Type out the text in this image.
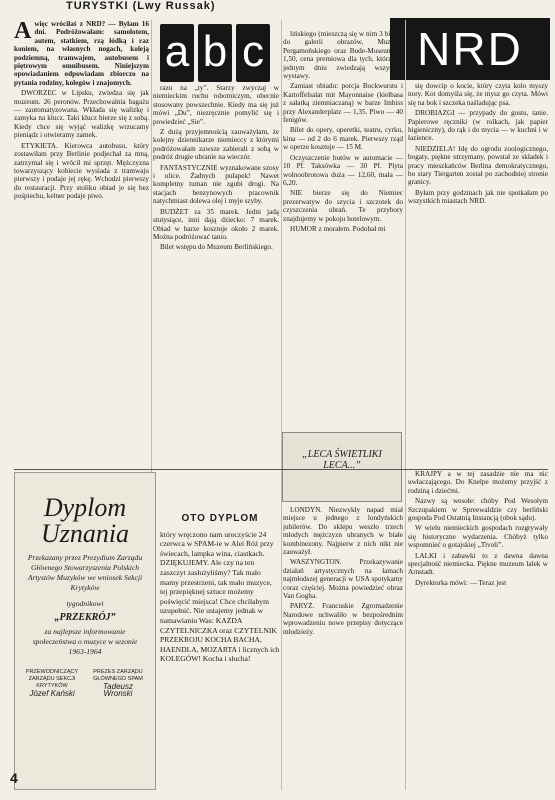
TURYSTKI (Lwy Russak)
a b c	NRD
A więc wróciłaś z NRD? — Byłam 16 dni. Podróżowałam: samolotem, autem, statkiem, rzą łódką i raz koniem, na własnych nogach, koleją podziemną, tramwajem, autobusem i piętrowym omnibusem. Niniejszym opowiadaniem odpowiadam zbiorczo na pytania rodziny, kolegów i znajomych.

DWORZEC w Lipsku, zwiedza się jak muzeum. 26 peronów. Przechowalnia bagażu — zautomatyzowana. Wkłada się walizkę i zamyka na klucz. Taki klucz bierze się z sobą. Kiedy chce się wyjąć walizkę wrzucamy pieniądz i otwieramy zamek.

ETYKIETA. Kierowca autobusu, który zostawiłam przy Berlinie podjechał za mną, zatrzymał się i wrócił mi sprzęt. Mężczyzna towarzyszący kobiecie wysiada z tramwaju pierwszy i podaje jej rękę. Wchodzi pierwszy do restauracji. Przy stoliku obiad je się bez pośpiechu, kelner podaje piwo.

razu na „ty”. Starzy zwyczaj w niemieckim ruchu robotniczym, obecnie stosowany powszechnie. Kiedy ma się już mówi „Du”, niezręcznie pomylić się i powiedzieć „Sie”.

Z dużą przyjemnością zauważyłam, że kolejny dziennikarze niemieccy z którymi podróżowałam zawsze zabierali z sobą w podróż drugie ubranie na wieczór.

FANTASTYCZNIE wyznakowane szosy i ulice. Żadnych pułapek! Nawet kompletny tuman nie zgubi drogi. Na stacjach benzynowych pracownik natychmiast dolewa olej i myje szyby.

BUDŻET za 35 marek. Jedni jadą stutysiące, inni dają dziecko: 7 marek. Obiad w barze kosztuje około 2 marek. Można podróżować tanio.

Bilet wstępu do Muzeum Berlińskiego.

lińskiego (mieszczą się w nim 3 bilety: do galerii obrazów, Muzeum Pergamońskiego oraz Bode-Museum — 1,50, cena premiowa dla tych, którzy w jednym dniu zwiedzają wszystkie wystawy.

Zamiast obiadu: porcja Bockwurstu i Kartoffelsalat mit Mayonnaise (kiełbasa z sałatką ziemniaczaną) w barze Imbiss przy Alexanderplatz — 1,35. Piwo — 40 fenigów.

Bilet do opery, operetki, teatru, cyrku, kina — od 2 do 6 marek. Pierwszy rząd w operze kosztuje — 15 M.

Oczyszczenie butów w automacie — 10 Pf. Taksówka — 30 Pf. Plyta wolnoobrotowa duża — 12,60, mała — 6,20.

NIE bierze się do Niemiec prezerwatyw do szycia i szczotek do czyszczenia ubrań. Te przybory znajdujemy w pokoju hotelowym.

HUMOR z morałem. Podobał mi

się dowcip o kocie, który czyta kolo myszy nory. Kot domyśla się, że mysz go czyta. Mówi się na bok i szczeka naśladując psa.

DROBIAZGI — przypady do gustu, tanie. Papierowe ręczniki (w rolkach, jak papier higieniczny), do rąk i do mycia — w kuchni i w łazience.

NIEDZIELA! Idę do ogrodu zoologicznego, bogaty, piękne utrzymany, powstał ze składek i pracy mieszkańców Berlina demokratycznego, bo stary Tiergarten został po zachodniej stronie granicy.

Byłam przy godzinach jak nie spotkałam po wszystkich miastach NRD.

„LECA ŚWIETLIKI LECA...”
Dyplom
Uznania
Przekazany przez Prezydium Zarządu Głównego Stowarzyszenia Polskich Artystów Muzyków we wniosek Sekcji Krytyków
tygodnikowi
„PRZEKRÓJ”
za najlepsze informowanie społeczeństwa o muzyce w sezonie 1963-1964
PRZEWODNICZĄCY ZARZĄDU SEKCJI KRYTYKÓW
Józef Kański
PREZES ZARZĄDU GŁÓWNEGO SPAM
Tadeusz Wronski
OTO DYPLOM
który wręczono nam uroczyście 24 czerwca w SPAM-ie w Alei Róż przy świecach, lampka wina, ciastkach. DZIĘKUJEMY. Ale czy na ten zaszczyt zasłużyliśmy? Tak mało mamy przestrzeni, tak mało muzyce, tej przepięknej sztuce możemy poświęcić miejsca! Chce chciłabym uzupełnić. Nie ustajemy jednak w namawianiu Was: KAŻDA CZYTELNICZKA oraz CZYTELNIK PRZEKROJU KOCHA BACHA, HAENDLA, MOZARTA i licznych ich KOLEGÓW! Kocha i słucha!

LONDYN. Niezwykły napad miał miejsce u jednego z londyńskich jubilerów. Do sklepu weszło trzech młodych mężczyzn ubranych w białe kombinezony. Najpierw z nich nikt nie zauważył.

WASZYNGTON. Przekazywanie działań artystycznych na łamach najmłodszej generacji w USA spotykamy coraz częściej. Można powiedzieć obraz Van Gogha.

PARYŻ. Francuskie Zgromadzenie Narodowe uchwaliło w bezpośrednim wprowadzeniu nowe przepisy dotyczące młodzieży.

KRAJPY a w tej zasadzie nie ma nic uwłaczającego. Do Knelpe możemy przyjść z rodziną i dziećmi.

Nazwy są wesołe: chóby Pod Wesołym Szczupakiem w Spreewaldzie czy berliński gospoda Pod Ostatnią Instancją (obok sądu).

W wielu niemieckich gospodach rozgrywały się historyczne wydarzenia. Chóbyż tylko wspomnieć o gotajskiej „Tivoli”.

LALKI i zabawki to z dawna dawna specjalność niemiecka. Piękne muzeum lalek w Arnstadt.

Dyrektorka mówi: — Teraz jest

4
